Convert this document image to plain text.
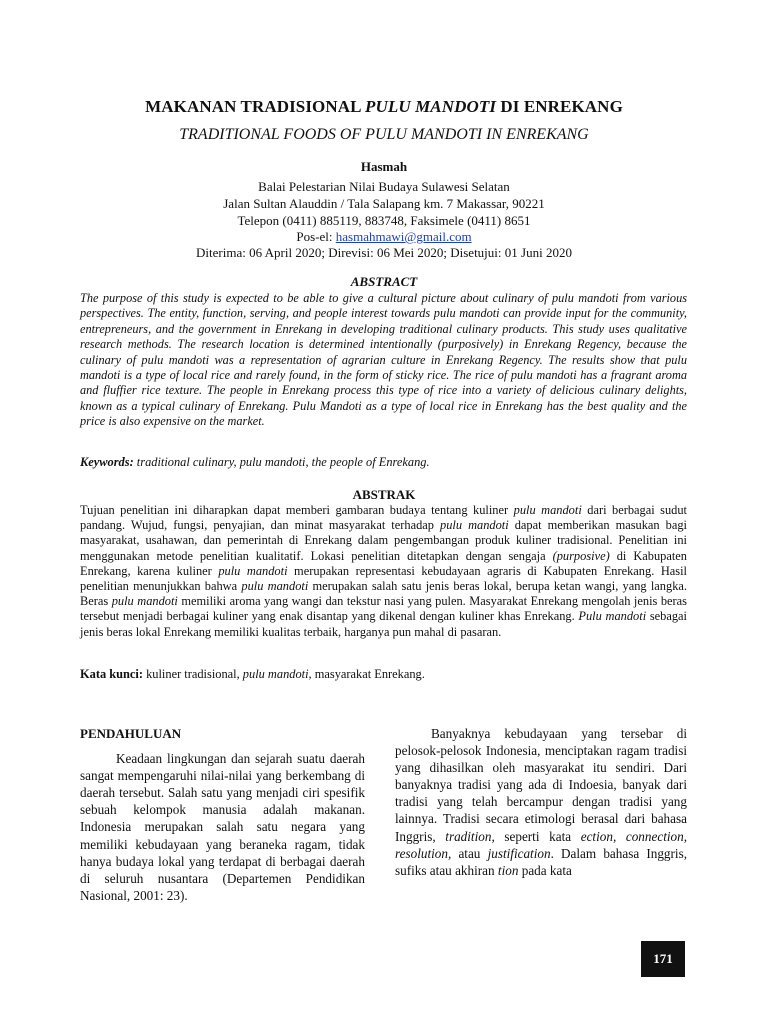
MAKANAN TRADISIONAL PULU MANDOTI DI ENREKANG
TRADITIONAL FOODS OF PULU MANDOTI IN ENREKANG
Hasmah
Balai Pelestarian Nilai Budaya Sulawesi Selatan
Jalan Sultan Alauddin / Tala Salapang km. 7 Makassar, 90221
Telepon (0411) 885119, 883748, Faksimele (0411) 8651
Pos-el: hasmahmawi@gmail.com
Diterima: 06 April 2020; Direvisi: 06 Mei 2020; Disetujui: 01 Juni 2020
ABSTRACT
The purpose of this study is expected to be able to give a cultural picture about culinary of pulu mandoti from various perspectives. The entity, function, serving, and people interest towards pulu mandoti can provide input for the community, entrepreneurs, and the government in Enrekang in developing traditional culinary products. This study uses qualitative research methods. The research location is determined intentionally (purposively) in Enrekang Regency, because the culinary of pulu mandoti was a representation of agrarian culture in Enrekang Regency. The results show that pulu mandoti is a type of local rice and rarely found, in the form of sticky rice. The rice of pulu mandoti has a fragrant aroma and fluffier rice texture. The people in Enrekang process this type of rice into a variety of delicious culinary delights, known as a typical culinary of Enrekang. Pulu Mandoti as a type of local rice in Enrekang has the best quality and the price is also expensive on the market.
Keywords: traditional culinary, pulu mandoti, the people of Enrekang.
ABSTRAK
Tujuan penelitian ini diharapkan dapat memberi gambaran budaya tentang kuliner pulu mandoti dari berbagai sudut pandang. Wujud, fungsi, penyajian, dan minat masyarakat terhadap pulu mandoti dapat memberikan masukan bagi masyarakat, usahawan, dan pemerintah di Enrekang dalam pengembangan produk kuliner tradisional. Penelitian ini menggunakan metode penelitian kualitatif. Lokasi penelitian ditetapkan dengan sengaja (purposive) di Kabupaten Enrekang, karena kuliner pulu mandoti merupakan representasi kebudayaan agraris di Kabupaten Enrekang. Hasil penelitian menunjukkan bahwa pulu mandoti merupakan salah satu jenis beras lokal, berupa ketan wangi, yang langka. Beras pulu mandoti memiliki aroma yang wangi dan tekstur nasi yang pulen. Masyarakat Enrekang mengolah jenis beras tersebut menjadi berbagai kuliner yang enak disantap yang dikenal dengan kuliner khas Enrekang. Pulu mandoti sebagai jenis beras lokal Enrekang memiliki kualitas terbaik, harganya pun mahal di pasaran.
Kata kunci: kuliner tradisional, pulu mandoti, masyarakat Enrekang.
PENDAHULUAN

Keadaan lingkungan dan sejarah suatu daerah sangat mempengaruhi nilai-nilai yang berkembang di daerah tersebut. Salah satu yang menjadi ciri spesifik sebuah kelompok manusia adalah makanan. Indonesia merupakan salah satu negara yang memiliki kebudayaan yang beraneka ragam, tidak hanya budaya lokal yang terdapat di berbagai daerah di seluruh nusantara (Departemen Pendidikan Nasional, 2001: 23).

Banyaknya kebudayaan yang tersebar di pelosok-pelosok Indonesia, menciptakan ragam tradisi yang dihasilkan oleh masyarakat itu sendiri. Dari banyaknya tradisi yang ada di Indoesia, banyak dari tradisi yang telah bercampur dengan tradisi yang lainnya. Tradisi secara etimologi berasal dari bahasa Inggris, tradition, seperti kata ection, connection, resolution, atau justification. Dalam bahasa Inggris, sufiks atau akhiran tion pada kata

171
